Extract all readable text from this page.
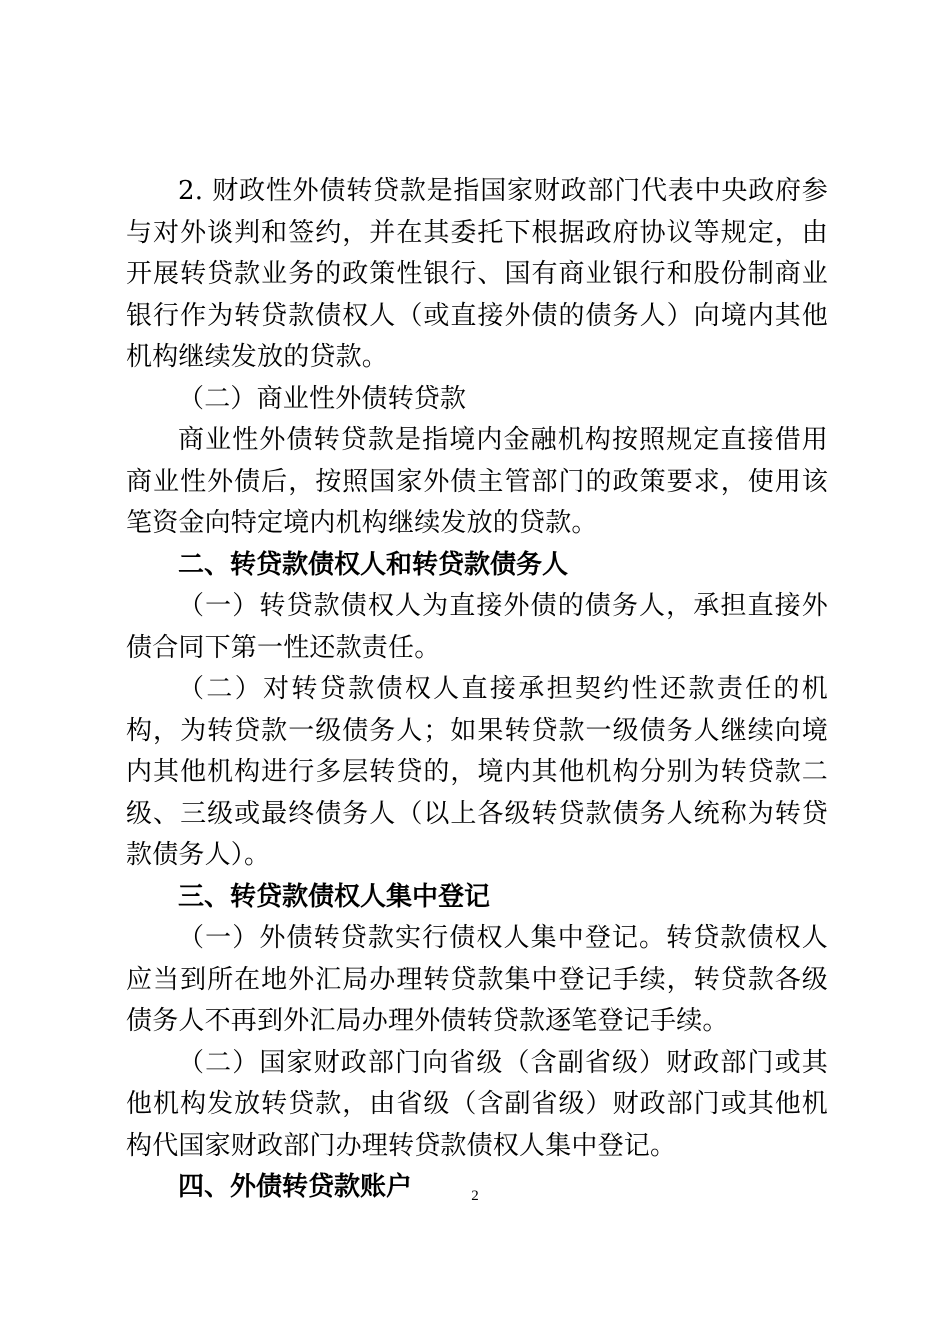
2. 财政性外债转贷款是指国家财政部门代表中央政府参与对外谈判和签约，并在其委托下根据政府协议等规定，由开展转贷款业务的政策性银行、国有商业银行和股份制商业银行作为转贷款债权人（或直接外债的债务人）向境内其他机构继续发放的贷款。

（二）商业性外债转贷款

商业性外债转贷款是指境内金融机构按照规定直接借用商业性外债后，按照国家外债主管部门的政策要求，使用该笔资金向特定境内机构继续发放的贷款。

二、转贷款债权人和转贷款债务人

（一）转贷款债权人为直接外债的债务人，承担直接外债合同下第一性还款责任。

（二）对转贷款债权人直接承担契约性还款责任的机构，为转贷款一级债务人；如果转贷款一级债务人继续向境内其他机构进行多层转贷的，境内其他机构分别为转贷款二级、三级或最终债务人（以上各级转贷款债务人统称为转贷款债务人）。

三、转贷款债权人集中登记

（一）外债转贷款实行债权人集中登记。转贷款债权人应当到所在地外汇局办理转贷款集中登记手续，转贷款各级债务人不再到外汇局办理外债转贷款逐笔登记手续。

（二）国家财政部门向省级（含副省级）财政部门或其他机构发放转贷款，由省级（含副省级）财政部门或其他机构代国家财政部门办理转贷款债权人集中登记。

四、外债转贷款账户	2
